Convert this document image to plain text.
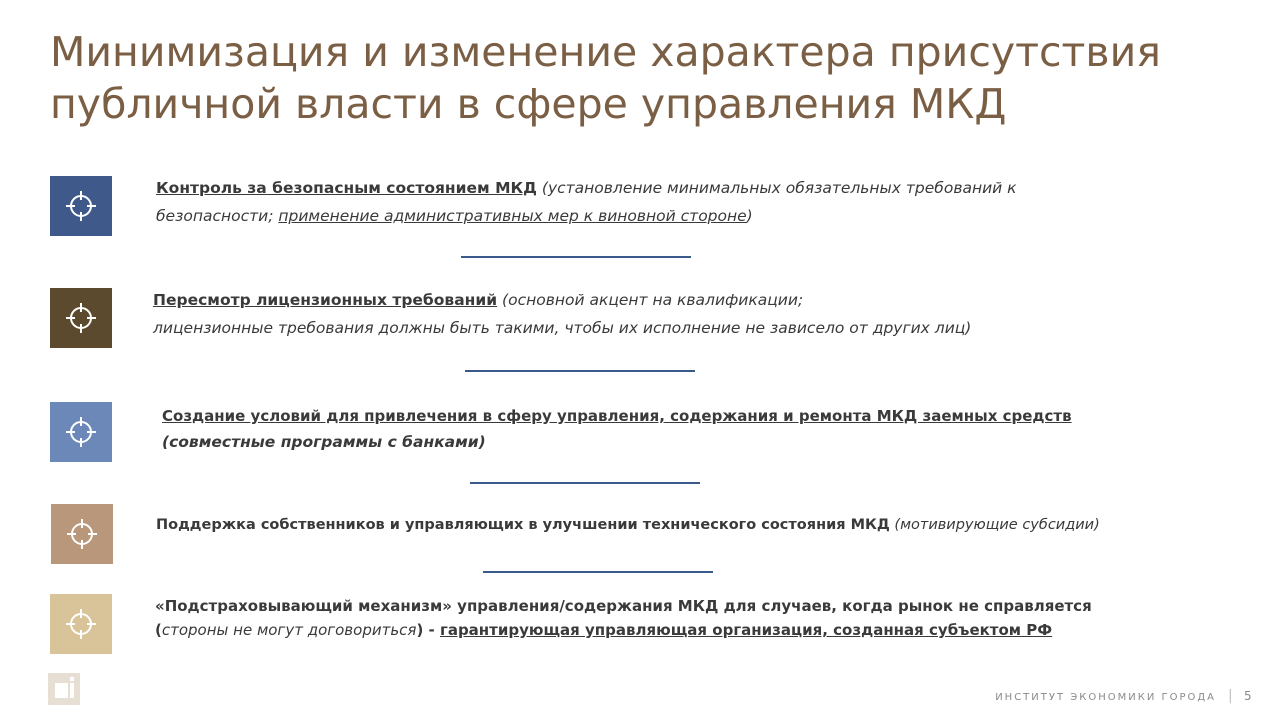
Минимизация и изменение характера присутствия
публичной власти в сфере управления МКД
Контроль за безопасным состоянием МКД (установление минимальных обязательных требований к
безопасности; применение административных мер к виновной стороне)
Пересмотр лицензионных требований (основной акцент на квалификации;
лицензионные требования должны быть такими, чтобы их исполнение не зависело от других лиц)
Создание условий для привлечения в сферу управления, содержания и ремонта МКД заемных средств
(совместные программы с банками)
Поддержка собственников и управляющих в улучшении технического состояния МКД (мотивирующие субсидии)
«Подстраховывающий механизм» управления/содержания МКД для случаев, когда рынок не справляется
(стороны не могут договориться) - гарантирующая управляющая организация, созданная субъектом РФ
ИНСТИТУТ ЭКОНОМИКИ ГОРОДА | 5
